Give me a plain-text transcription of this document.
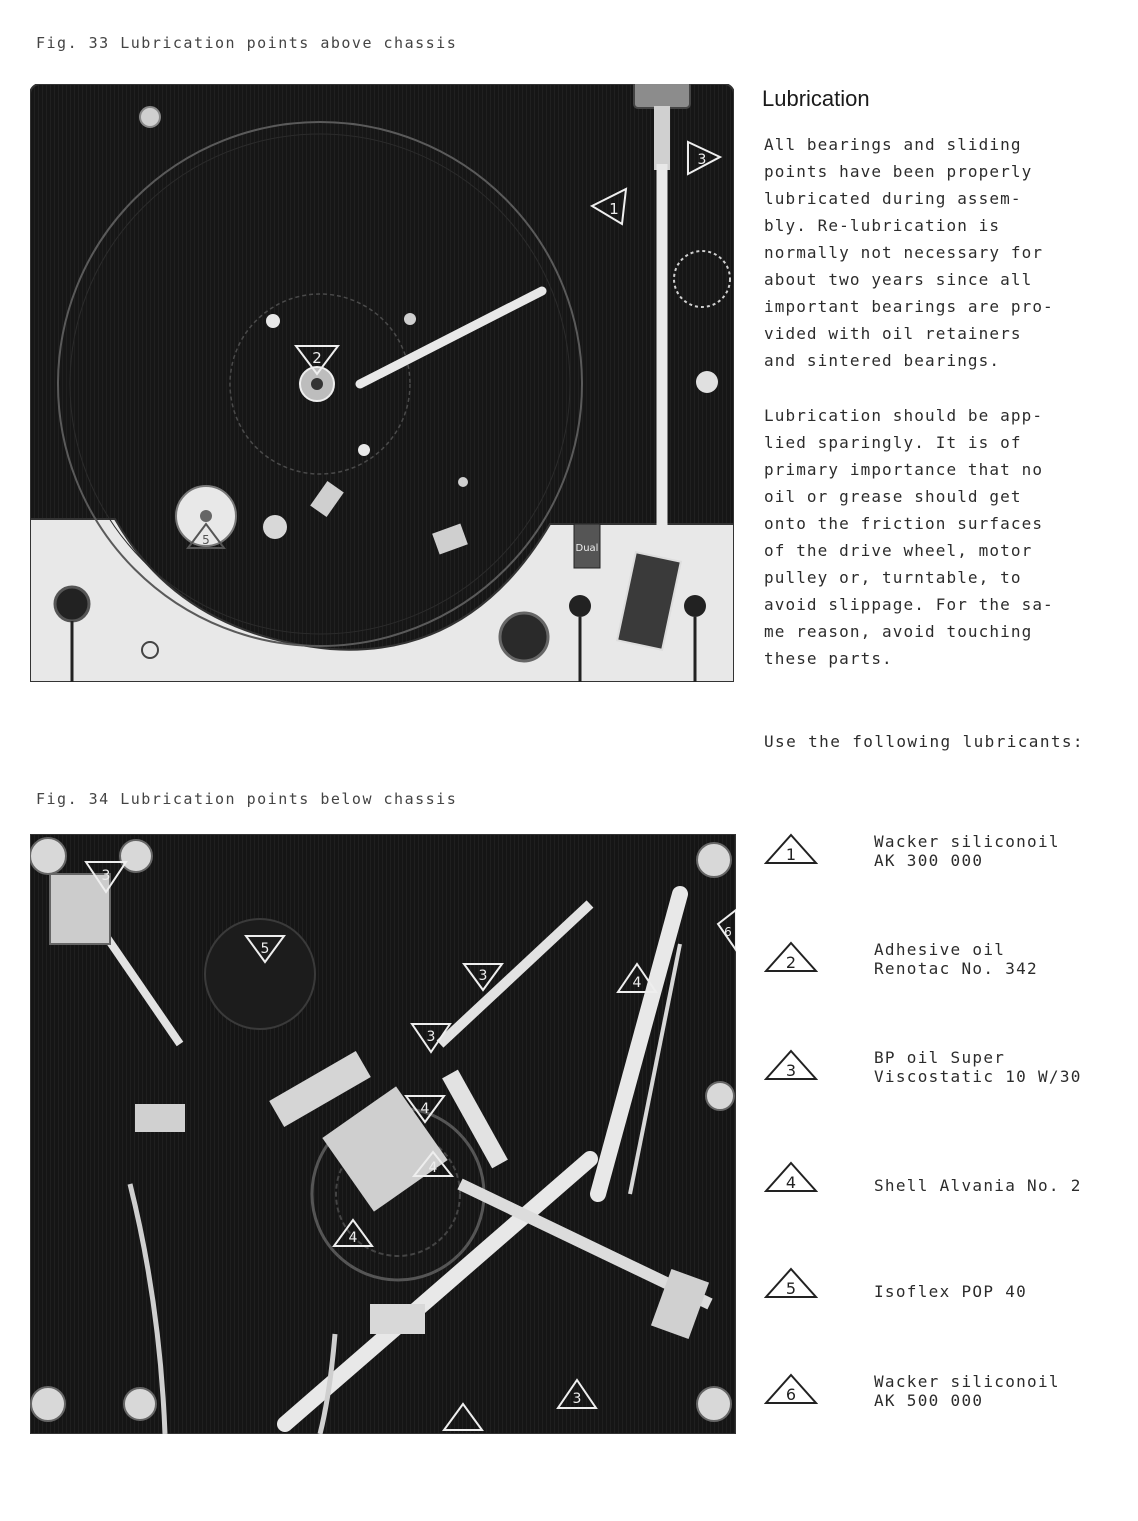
Fig. 33 Lubrication points above chassis
Fig. 34 Lubrication points below chassis
Dual
1
2
3
5
3
3
3
4
4
4
4
5
6
3
Lubrication
All bearings and sliding
points have been properly
lubricated during assem-
bly. Re-lubrication is
normally not necessary for
about two years since all
important bearings are pro-
vided with oil retainers
and sintered bearings.
Lubrication should be app-
lied sparingly. It is of
primary importance that no
oil or grease should get
onto the friction surfaces
of the drive wheel, motor
pulley or, turntable, to
avoid slippage. For the sa-
me reason, avoid touching
these parts.
Use the following lubricants:
1
Wacker siliconoil
AK 300 000
2
Adhesive oil
Renotac No. 342
3
BP oil Super
Viscostatic 10 W/30
4	Shell Alvania No. 2
5	Isoflex POP 40
6
Wacker siliconoil
AK 500 000
